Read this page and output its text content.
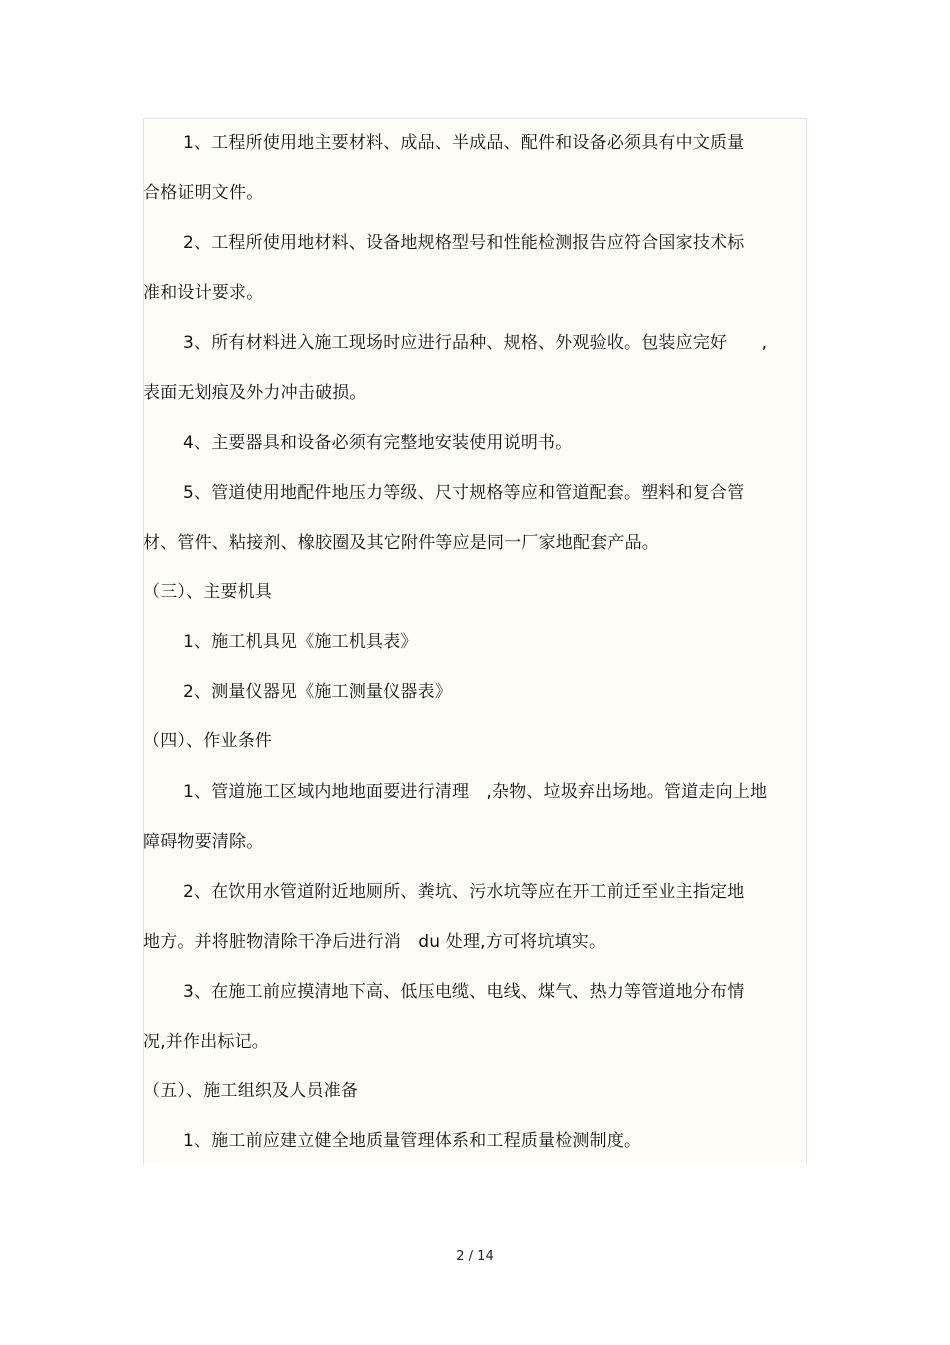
1、工程所使用地主要材料、成品、半成品、配件和设备必须具有中文质量
合格证明文件。
2、工程所使用地材料、设备地规格型号和性能检测报告应符合国家技术标
准和设计要求。
3、所有材料进入施工现场时应进行品种、规格、外观验收。包装应完好　　,
表面无划痕及外力冲击破损。
4、主要器具和设备必须有完整地安装使用说明书。
5、管道使用地配件地压力等级、尺寸规格等应和管道配套。塑料和复合管
材、管件、粘接剂、橡胶圈及其它附件等应是同一厂家地配套产品。
（三）、主要机具
1、施工机具见《施工机具表》
2、测量仪器见《施工测量仪器表》
（四）、作业条件
1、管道施工区域内地地面要进行清理　,杂物、垃圾弃出场地。管道走向上地
障碍物要清除。
2、在饮用水管道附近地厕所、粪坑、污水坑等应在开工前迁至业主指定地
地方。并将脏物清除干净后进行消　du 处理,方可将坑填实。
3、在施工前应摸清地下高、低压电缆、电线、煤气、热力等管道地分布情
况,并作出标记。
（五）、施工组织及人员准备
1、施工前应建立健全地质量管理体系和工程质量检测制度。
2 / 14
